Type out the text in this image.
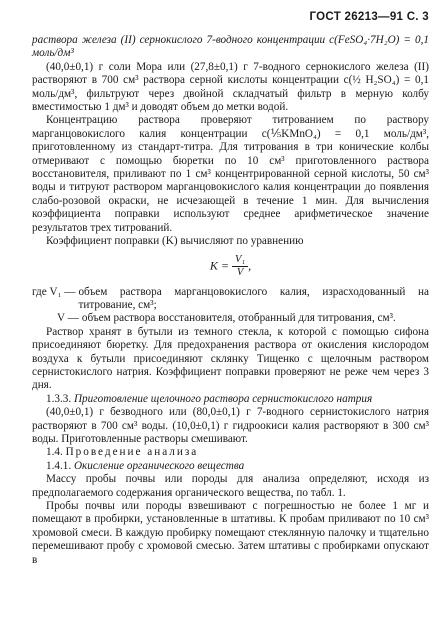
ГОСТ 26213—91 С. 3

раствора железа (II) сернокислого 7-водного концентрации c(FeSO₄·7H₂O) = 0,1 моль/дм³

(40,0±0,1) г соли Мора или (27,8±0,1) г 7-водного сернокислого железа (II) растворяют в 700 см³ раствора серной кислоты концентрации c(½ H₂SO₄) = 0,1 моль/дм³, фильтруют через двойной складчатый фильтр в мерную колбу вместимостью 1 дм³ и доводят объем до метки водой.

Концентрацию раствора проверяют титрованием по раствору марганцовокислого калия концентрации c(⅕KMnO₄) = 0,1 моль/дм³, приготовленному из стандарт-титра. Для титрования в три конические колбы отмеривают с помощью бюретки по 10 см³ приготовленного раствора восстановителя, приливают по 1 см³ концентрированной серной кислоты, 50 см³ воды и титруют раствором марганцовокислого калия концентрации до появления слабо-розовой окраски, не исчезающей в течение 1 мин. Для вычисления коэффициента поправки используют среднее арифметическое значение результатов трех титрований.

Коэффициент поправки (K) вычисляют по уравнению

$K = \frac{\text{V₁}}{V}$ ,
где V₁ — объем раствора марганцовокислого калия, израсходованный на титрование, см³;
V — объем раствора восстановителя, отобранный для титрования, см³.

Раствор хранят в бутыли из темного стекла, к которой с помощью сифона присоединяют бюретку. Для предохранения раствора от окисления кислородом воздуха к бутыли присоединяют склянку Тищенко с щелочным раствором сернистокислого натрия. Коэффициент поправки проверяют не реже чем через 3 дня.

1.3.3. Приготовление щелочного раствора сернистокислого натрия

(40,0±0,1) г безводного или (80,0±0,1) г 7-водного сернистокислого натрия растворяют в 700 см³ воды. (10,0±0,1) г гидроокиси калия растворяют в 300 см³ воды. Приготовленные растворы смешивают.

1.4. Проведение анализа

1.4.1. Окисление органического вещества

Массу пробы почвы или породы для анализа определяют, исходя из предполагаемого содержания органического вещества, по табл. 1.

Пробы почвы или породы взвешивают с погрешностью не более 1 мг и помещают в пробирки, установленные в штативы. К пробам приливают по 10 см³ хромовой смеси. В каждую пробирку помещают стеклянную палочку и тщательно перемешивают пробу с хромовой смесью. Затем штативы с пробирками опускают в
